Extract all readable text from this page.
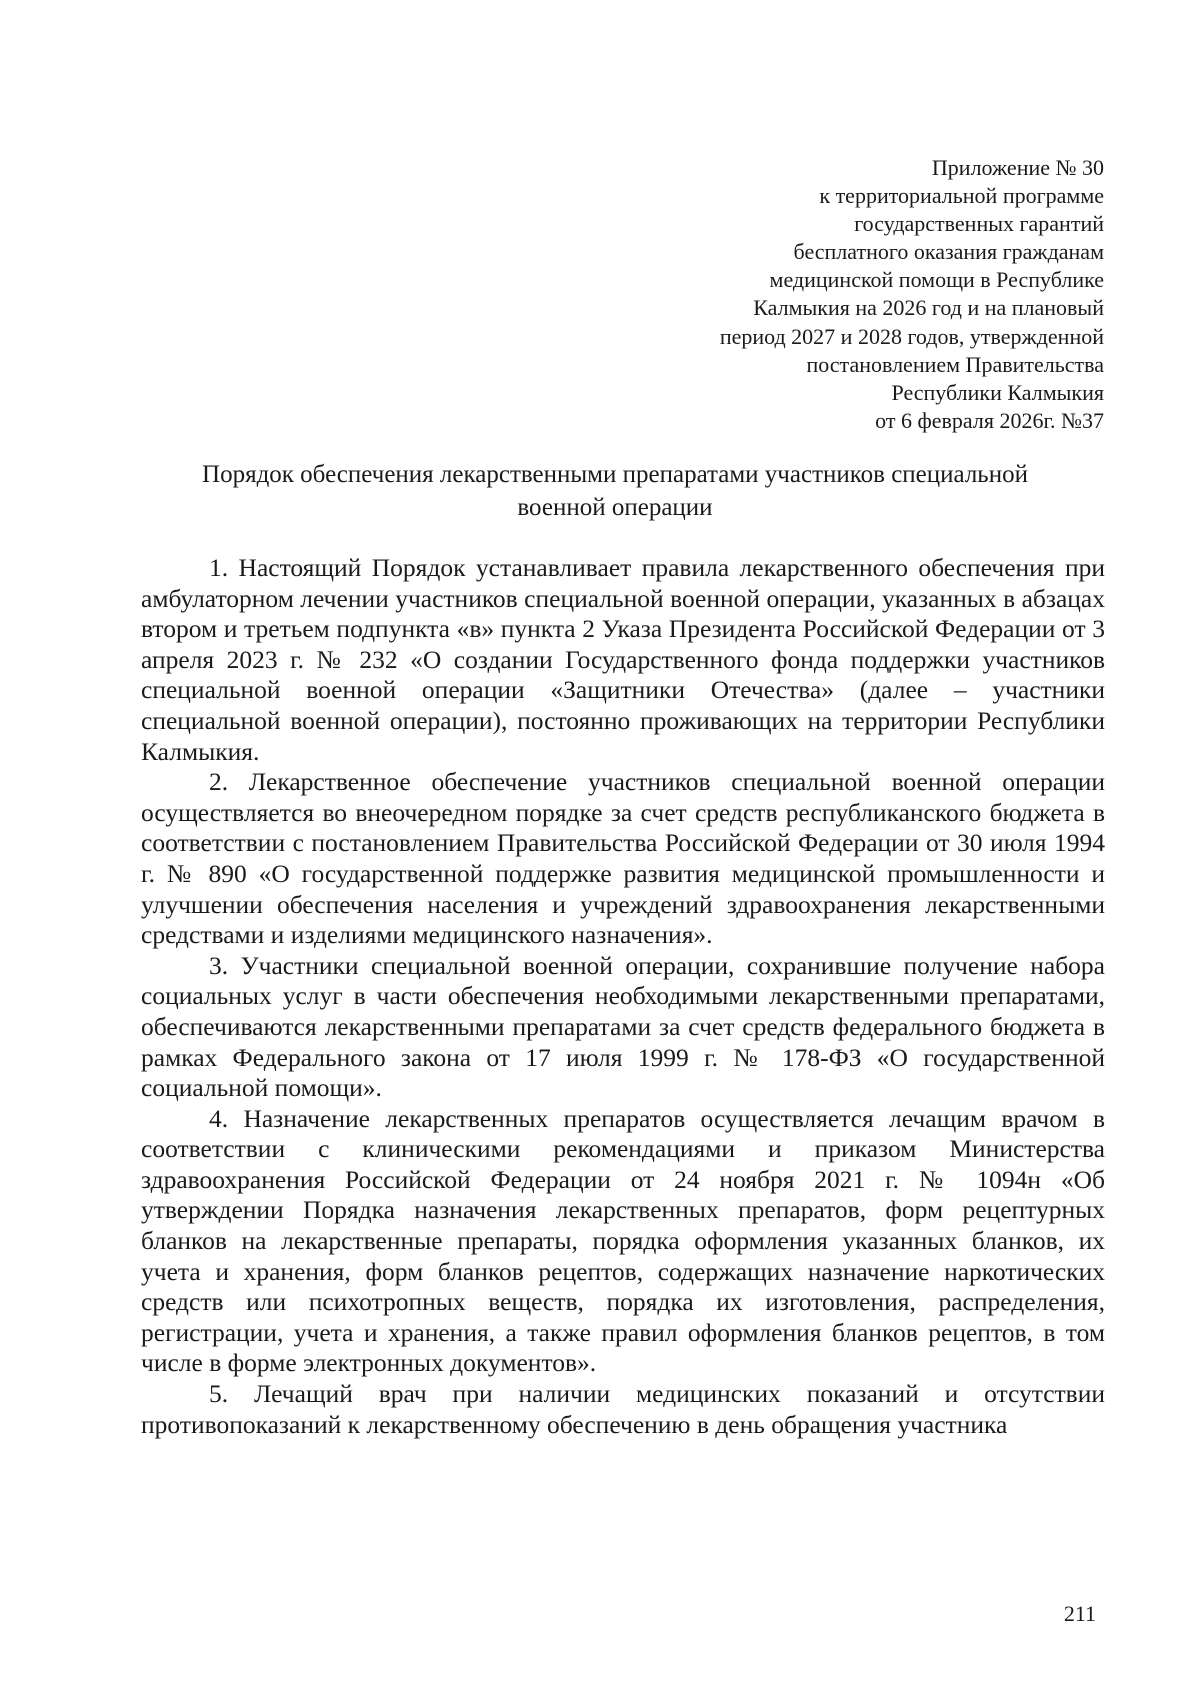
Приложение № 30
к территориальной программе
государственных гарантий
бесплатного оказания гражданам
медицинской помощи в Республике
Калмыкия на 2026 год и на плановый
период 2027 и 2028 годов, утвержденной
постановлением Правительства
Республики Калмыкия
от 6 февраля 2026г. №37
Порядок обеспечения лекарственными препаратами участников специальной
военной операции

1. Настоящий Порядок устанавливает правила лекарственного обеспечения при амбулаторном лечении участников специальной военной операции, указанных в абзацах втором и третьем подпункта «в» пункта 2 Указа Президента Российской Федерации от 3 апреля 2023 г. № 232 «О создании Государственного фонда поддержки участников специальной военной операции «Защитники Отечества» (далее – участники специальной военной операции), постоянно проживающих на территории Республики Калмыкия.

2. Лекарственное обеспечение участников специальной военной операции осуществляется во внеочередном порядке за счет средств республиканского бюджета в соответствии с постановлением Правительства Российской Федерации от 30 июля 1994 г. № 890 «О государственной поддержке развития медицинской промышленности и улучшении обеспечения населения и учреждений здравоохранения лекарственными средствами и изделиями медицинского назначения».

3. Участники специальной военной операции, сохранившие получение набора социальных услуг в части обеспечения необходимыми лекарственными препаратами, обеспечиваются лекарственными препаратами за счет средств федерального бюджета в рамках Федерального закона от 17 июля 1999 г. № 178-ФЗ «О государственной социальной помощи».

4. Назначение лекарственных препаратов осуществляется лечащим врачом в соответствии с клиническими рекомендациями и приказом Министерства здравоохранения Российской Федерации от 24 ноября 2021 г. № 1094н «Об утверждении Порядка назначения лекарственных препаратов, форм рецептурных бланков на лекарственные препараты, порядка оформления указанных бланков, их учета и хранения, форм бланков рецептов, содержащих назначение наркотических средств или психотропных веществ, порядка их изготовления, распределения, регистрации, учета и хранения, а также правил оформления бланков рецептов, в том числе в форме электронных документов».

5. Лечащий врач при наличии медицинских показаний и отсутствии противопоказаний к лекарственному обеспечению в день обращения участника

211
